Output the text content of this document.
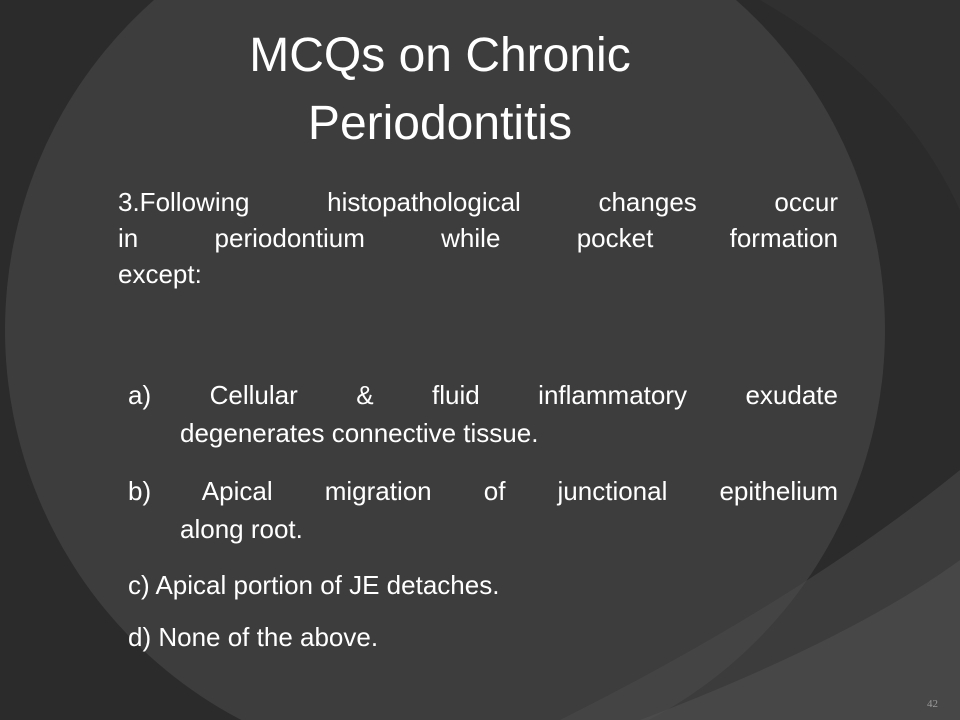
MCQs on Chronic
Periodontitis
3.Following histopathological changes occur
in periodontium while pocket formation
except:
a) Cellular & fluid inflammatory exudate
degenerates connective tissue.
b) Apical migration of junctional epithelium
along root.
c) Apical portion of JE detaches.
d) None of the above.
42
